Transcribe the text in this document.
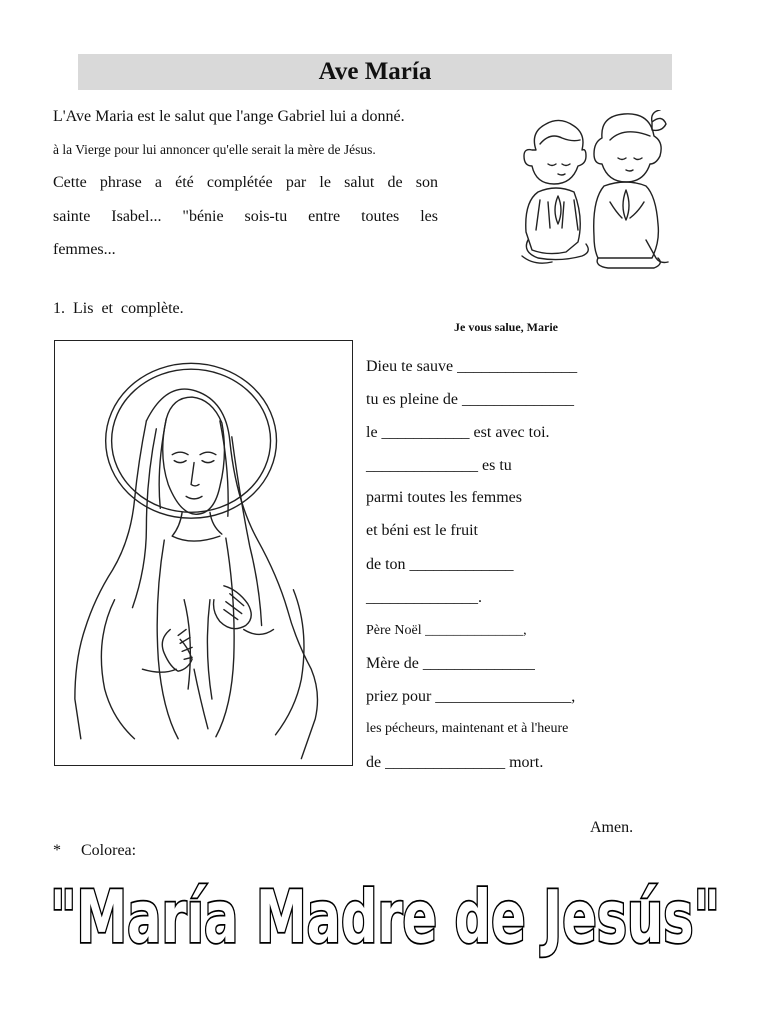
Ave María
L'Ave Maria est le salut que l'ange Gabriel lui a donné.
à la Vierge pour lui annoncer qu'elle serait la mère de Jésus.
Cette phrase a été complétée par le salut de son
sainte Isabel... "bénie sois-tu entre toutes les
femmes...
1. Lis et complète.
Je vous salue, Marie
Dieu te sauve _______________
tu es pleine de ______________
le ___________ est avec toi.
______________ es tu
parmi toutes les femmes
et béni est le fruit
de ton _____________
______________.
Père Noël ______________,
Mère de ______________
priez pour _________________,
les pécheurs, maintenant et à l'heure
de _______________ mort.
Amen.
* Colorea:
"María Madre de Jesús"
